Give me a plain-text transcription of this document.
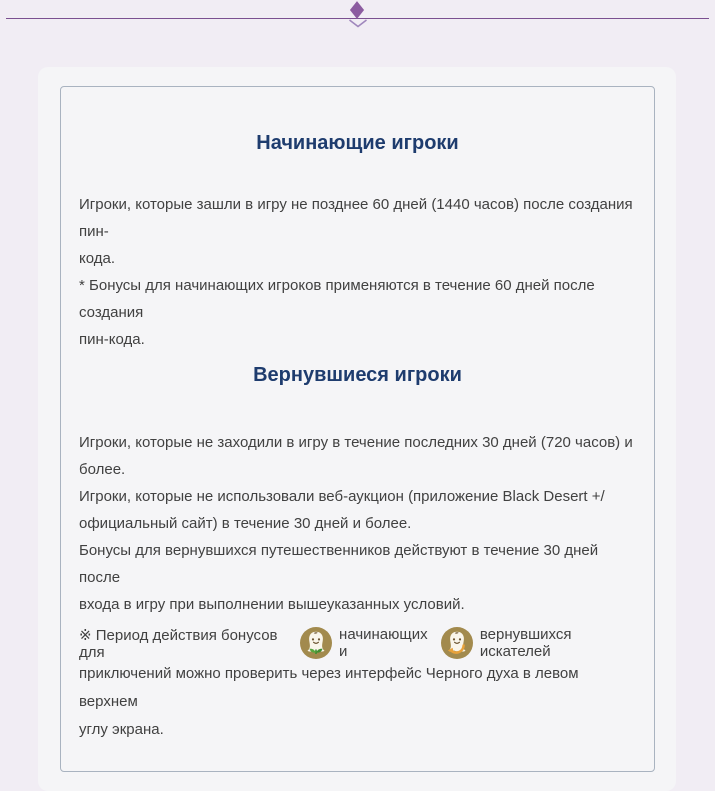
Начинающие игроки

Игроки, которые зашли в игру не позднее 60 дней (1440 часов) после создания пин-
кода.
* Бонусы для начинающих игроков применяются в течение 60 дней после создания
пин-кода.

Вернувшиеся игроки

Игроки, которые не заходили в игру в течение последних 30 дней (720 часов) и
более.
Игроки, которые не использовали веб-аукцион (приложение Black Desert +/
официальный сайт) в течение 30 дней и более.
Бонусы для вернувшихся путешественников действуют в течение 30 дней после
входа в игру при выполнении вышеуказанных условий.

※ Период действия бонусов для
начинающих и
вернувшихся искателей
приключений можно проверить через интерфейс Черного духа в левом верхнем
углу экрана.
